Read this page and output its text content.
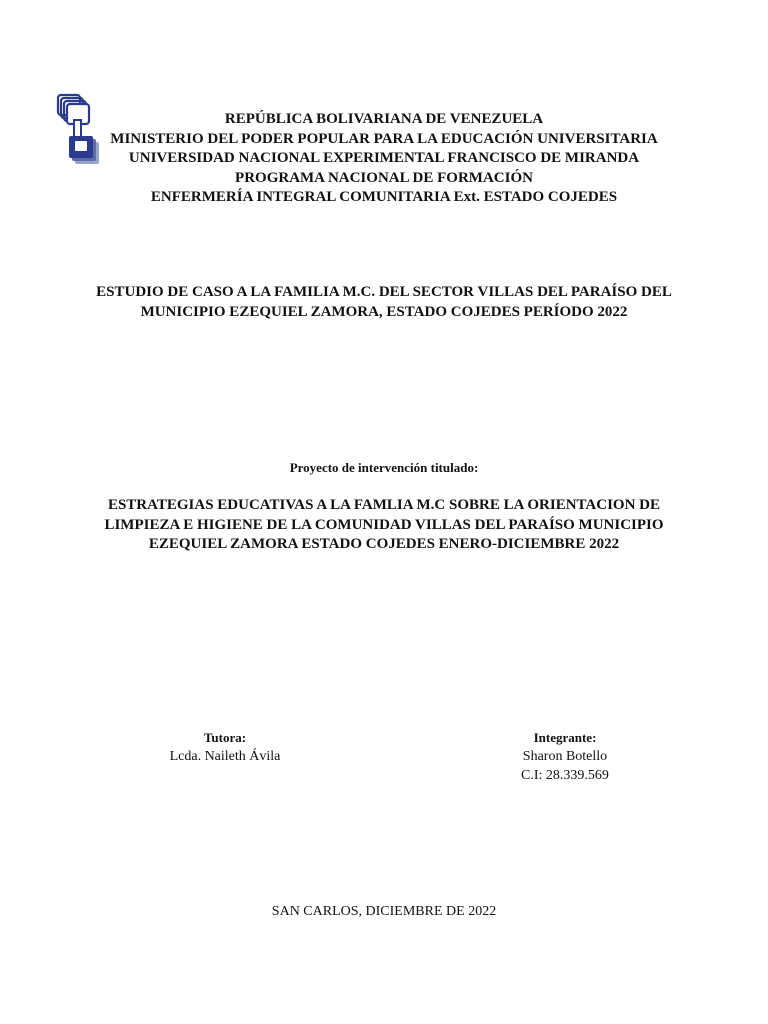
REPÚBLICA BOLIVARIANA DE VENEZUELA
MINISTERIO DEL PODER POPULAR PARA LA EDUCACIÓN UNIVERSITARIA
UNIVERSIDAD NACIONAL EXPERIMENTAL FRANCISCO DE MIRANDA
PROGRAMA NACIONAL DE FORMACIÓN
ENFERMERÍA INTEGRAL COMUNITARIA Ext. ESTADO COJEDES
ESTUDIO DE CASO A LA FAMILIA M.C. DEL SECTOR VILLAS DEL PARAÍSO DEL MUNICIPIO EZEQUIEL ZAMORA, ESTADO COJEDES PERÍODO 2022
Proyecto de intervención titulado:
ESTRATEGIAS EDUCATIVAS A LA FAMLIA M.C SOBRE LA ORIENTACION DE LIMPIEZA E HIGIENE DE LA COMUNIDAD VILLAS DEL PARAÍSO MUNICIPIO EZEQUIEL ZAMORA ESTADO COJEDES ENERO-DICIEMBRE 2022
Tutora:
Lcda. Naileth Ávila
Integrante:
Sharon Botello
C.I: 28.339.569
SAN CARLOS, DICIEMBRE DE 2022
